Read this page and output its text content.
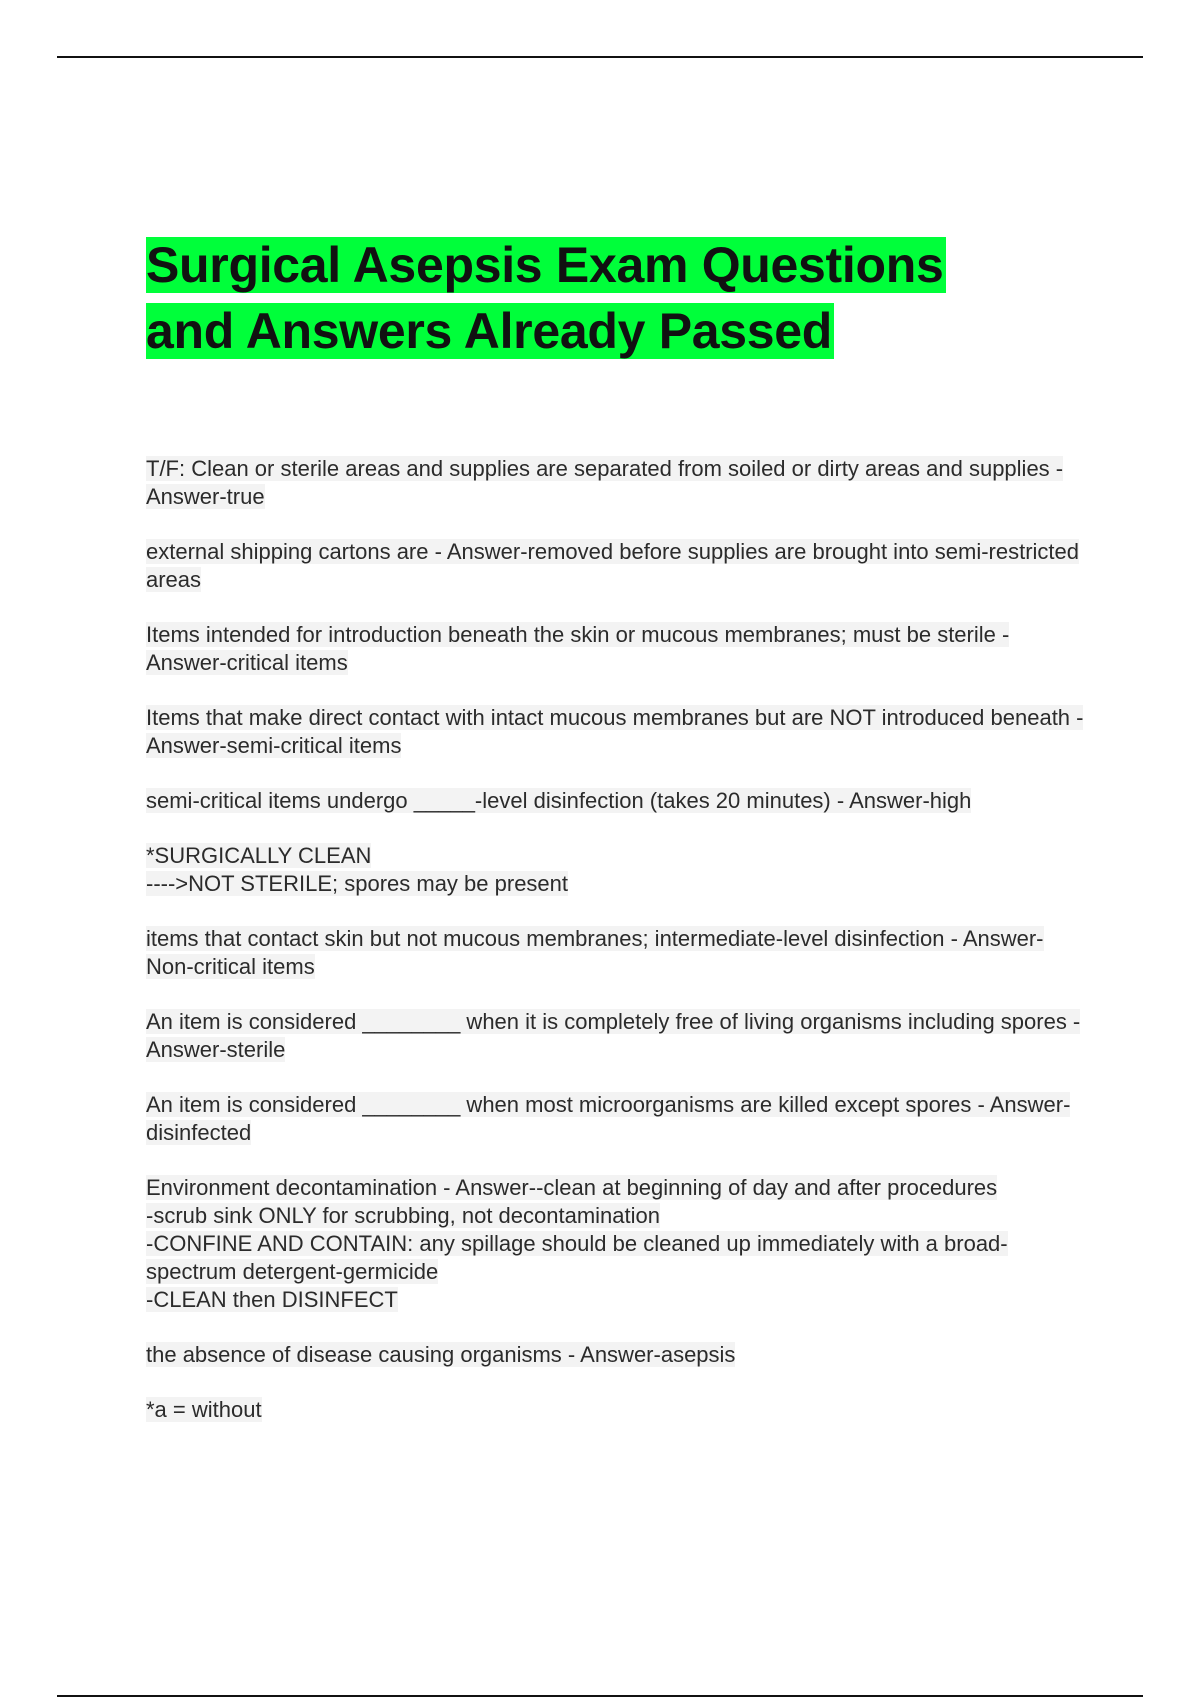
Surgical Asepsis Exam Questions
and Answers Already Passed

T/F: Clean or sterile areas and supplies are separated from soiled or dirty areas and supplies - Answer-true

external shipping cartons are - Answer-removed before supplies are brought into semi-restricted areas

Items intended for introduction beneath the skin or mucous membranes; must be sterile - Answer-critical items

Items that make direct contact with intact mucous membranes but are NOT introduced beneath - Answer-semi-critical items

semi-critical items undergo _____-level disinfection (takes 20 minutes) - Answer-high

*SURGICALLY CLEAN
---->NOT STERILE; spores may be present

items that contact skin but not mucous membranes; intermediate-level disinfection - Answer-Non-critical items

An item is considered ________ when it is completely free of living organisms including spores - Answer-sterile

An item is considered ________ when most microorganisms are killed except spores - Answer-disinfected

Environment decontamination - Answer--clean at beginning of day and after procedures
-scrub sink ONLY for scrubbing, not decontamination
-CONFINE AND CONTAIN: any spillage should be cleaned up immediately with a broad-spectrum detergent-germicide
-CLEAN then DISINFECT

the absence of disease causing organisms - Answer-asepsis

*a = without
